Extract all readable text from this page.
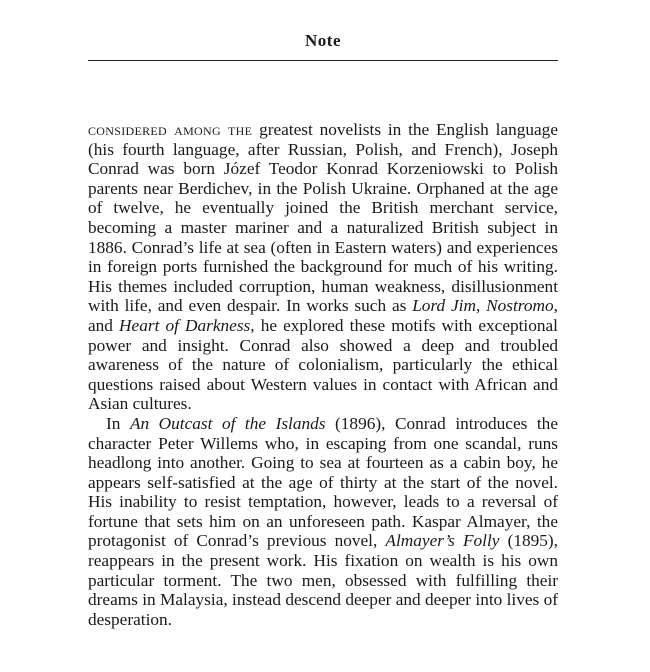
Note

considered among the greatest novelists in the English language (his fourth language, after Russian, Polish, and French), Joseph Conrad was born Józef Teodor Konrad Korzeniowski to Polish parents near Berdichev, in the Polish Ukraine. Orphaned at the age of twelve, he eventually joined the British merchant service, becoming a master mariner and a naturalized British subject in 1886. Conrad’s life at sea (often in Eastern waters) and experiences in foreign ports furnished the background for much of his writing. His themes included corruption, human weakness, disillusionment with life, and even despair. In works such as Lord Jim, Nostromo, and Heart of Darkness, he explored these motifs with exceptional power and insight. Conrad also showed a deep and troubled awareness of the nature of colonialism, particularly the ethical questions raised about Western values in contact with African and Asian cultures.

In An Outcast of the Islands (1896), Conrad introduces the character Peter Willems who, in escaping from one scandal, runs headlong into another. Going to sea at fourteen as a cabin boy, he appears self-satisfied at the age of thirty at the start of the novel. His inability to resist temptation, however, leads to a reversal of fortune that sets him on an unforeseen path. Kaspar Almayer, the protagonist of Conrad’s previous novel, Almayer’s Folly (1895), reappears in the present work. His fixation on wealth is his own particular torment. The two men, obsessed with fulfilling their dreams in Malaysia, instead descend deeper and deeper into lives of desperation.
